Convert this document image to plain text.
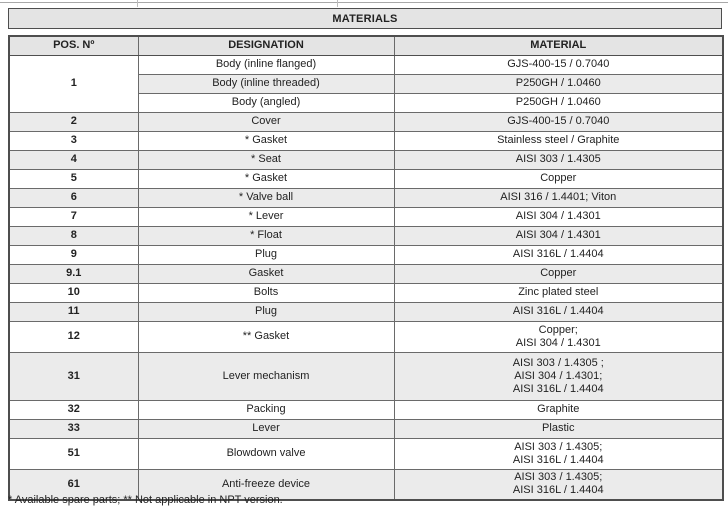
MATERIALS
POS. Nº	DESIGNATION	MATERIAL
1	Body (inline flanged)	GJS-400-15 / 0.7040
	Body (inline threaded)	P250GH / 1.0460
	Body (angled)	P250GH / 1.0460
2	Cover	GJS-400-15 / 0.7040
3	* Gasket	Stainless steel / Graphite
4	* Seat	AISI 303 / 1.4305
5	* Gasket	Copper
6	* Valve ball	AISI 316 / 1.4401; Viton
7	* Lever	AISI 304 / 1.4301
8	* Float	AISI 304 / 1.4301
9	Plug	AISI 316L / 1.4404
9.1	Gasket	Copper
10	Bolts	Zinc plated steel
11	Plug	AISI 316L / 1.4404
12	** Gasket	Copper;
AISI 304 / 1.4301
31	Lever mechanism	AISI 303 / 1.4305 ;
AISI 304 / 1.4301;
AISI 316L / 1.4404
32	Packing	Graphite
33	Lever	Plastic
51	Blowdown valve	AISI 303 / 1.4305;
AISI 316L / 1.4404
61	Anti-freeze device	AISI 303 / 1.4305;
AISI 316L / 1.4404
* Available spare parts; ** Not applicable in NPT version.
